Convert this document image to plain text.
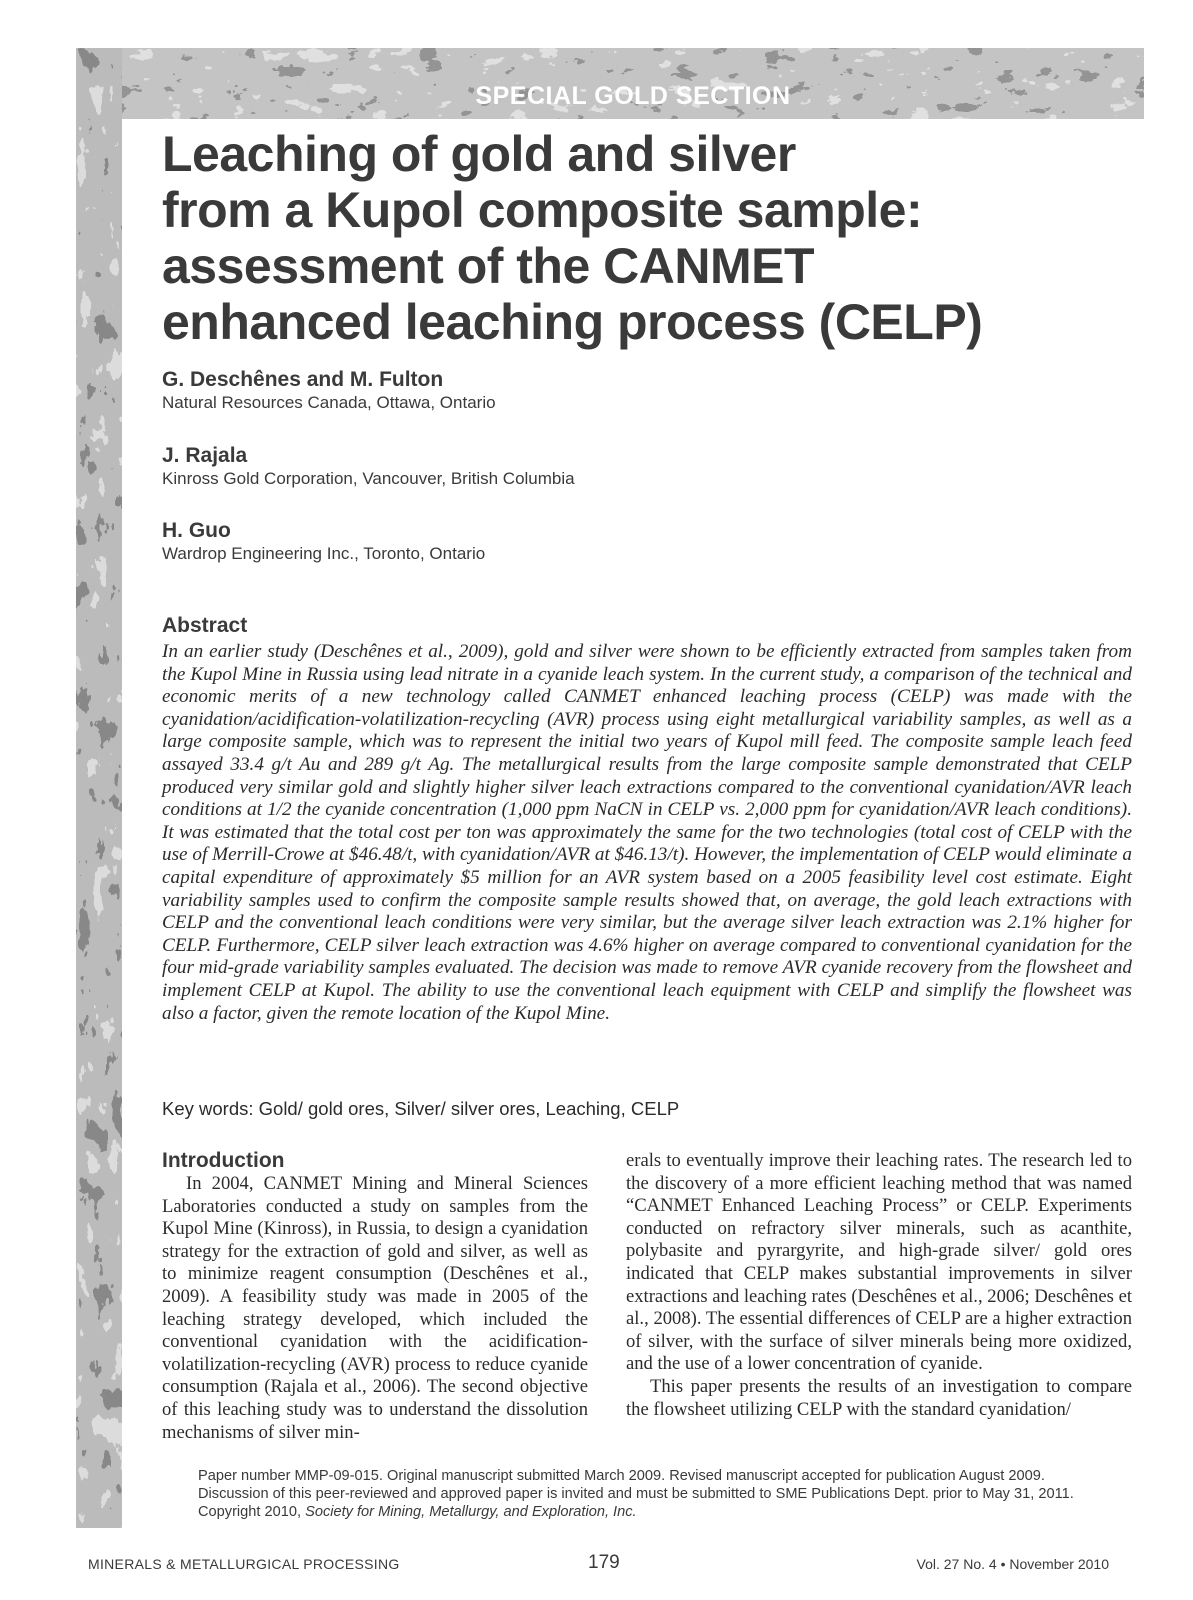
SPECIAL GOLD SECTION

Leaching of gold and silver
from a Kupol composite sample:
assessment of the CANMET
enhanced leaching process (CELP)
G. Deschênes and M. Fulton
Natural Resources Canada, Ottawa, Ontario
J. Rajala
Kinross Gold Corporation, Vancouver, British Columbia
H. Guo
Wardrop Engineering Inc., Toronto, Ontario
Abstract

In an earlier study (Deschênes et al., 2009), gold and silver were shown to be efficiently extracted from samples taken from the Kupol Mine in Russia using lead nitrate in a cyanide leach system. In the current study, a comparison of the technical and economic merits of a new technology called CANMET enhanced leaching process (CELP) was made with the cyanidation/acidification-volatilization-recycling (AVR) process using eight metallurgical variability samples, as well as a large composite sample, which was to represent the initial two years of Kupol mill feed. The composite sample leach feed assayed 33.4 g/t Au and 289 g/t Ag. The metallurgical results from the large composite sample demonstrated that CELP produced very similar gold and slightly higher silver leach extractions compared to the conventional cyanidation/AVR leach conditions at 1/2 the cyanide concentration (1,000 ppm NaCN in CELP vs. 2,000 ppm for cyanidation/AVR leach conditions). It was estimated that the total cost per ton was approximately the same for the two technologies (total cost of CELP with the use of Merrill-Crowe at $46.48/t, with cyanidation/AVR at $46.13/t). However, the implementation of CELP would eliminate a capital expenditure of approximately $5 million for an AVR system based on a 2005 feasibility level cost estimate. Eight variability samples used to confirm the composite sample results showed that, on average, the gold leach extractions with CELP and the conventional leach conditions were very similar, but the average silver leach extraction was 2.1% higher for CELP. Furthermore, CELP silver leach extraction was 4.6% higher on average compared to conventional cyanidation for the four mid-grade variability samples evaluated. The decision was made to remove AVR cyanide recovery from the flowsheet and implement CELP at Kupol. The ability to use the conventional leach equipment with CELP and simplify the flowsheet was also a factor, given the remote location of the Kupol Mine.

Key words: Gold/ gold ores, Silver/ silver ores, Leaching, CELP

Introduction

In 2004, CANMET Mining and Mineral Sciences Laboratories conducted a study on samples from the Kupol Mine (Kinross), in Russia, to design a cyanidation strategy for the extraction of gold and silver, as well as to minimize reagent consumption (Deschênes et al., 2009). A feasibility study was made in 2005 of the leaching strategy developed, which included the conventional cyanidation with the acidification-volatilization-recycling (AVR) process to reduce cyanide consumption (Rajala et al., 2006). The second objective of this leaching study was to understand the dissolution mechanisms of silver min-

erals to eventually improve their leaching rates. The research led to the discovery of a more efficient leaching method that was named “CANMET Enhanced Leaching Process” or CELP. Experiments conducted on refractory silver minerals, such as acanthite, polybasite and pyrargyrite, and high-grade silver/ gold ores indicated that CELP makes substantial improvements in silver extractions and leaching rates (Deschênes et al., 2006; Deschênes et al., 2008). The essential differences of CELP are a higher extraction of silver, with the surface of silver minerals being more oxidized, and the use of a lower concentration of cyanide.

This paper presents the results of an investigation to compare the flowsheet utilizing CELP with the standard cyanidation/

Paper number MMP-09-015. Original manuscript submitted March 2009. Revised manuscript accepted for publication August 2009. Discussion of this peer-reviewed and approved paper is invited and must be submitted to SME Publications Dept. prior to May 31, 2011. Copyright 2010, Society for Mining, Metallurgy, and Exploration, Inc.

MINERALS & METALLURGICAL PROCESSING	179	Vol. 27 No. 4 • November 2010
